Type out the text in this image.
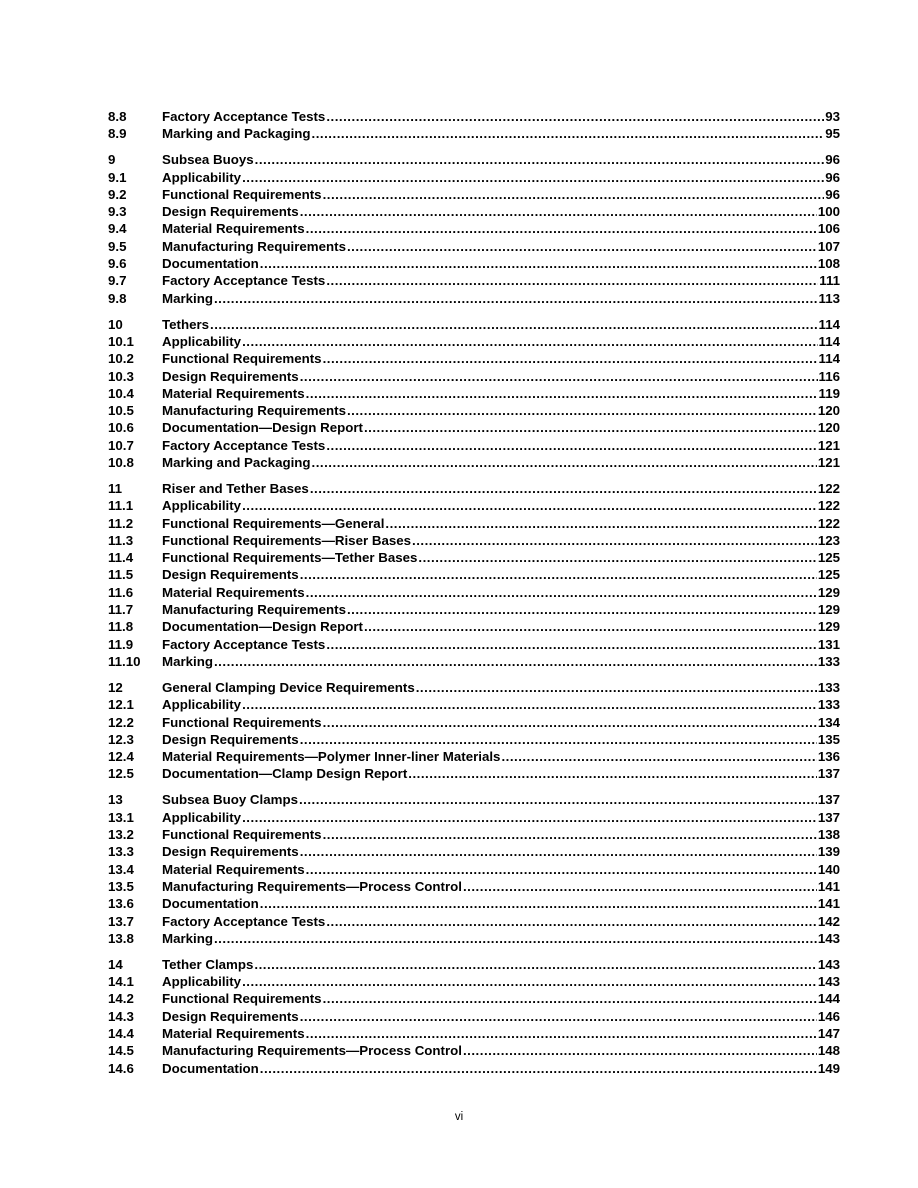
8.8	Factory Acceptance Tests .....	93
8.9	Marking and Packaging .....	95
9	Subsea Buoys .....	96
9.1	Applicability .....	96
9.2	Functional Requirements .....	96
9.3	Design Requirements .....	100
9.4	Material Requirements .....	106
9.5	Manufacturing Requirements .....	107
9.6	Documentation .....	108
9.7	Factory Acceptance Tests .....	111
9.8	Marking .....	113
10	Tethers .....	114
10.1	Applicability .....	114
10.2	Functional Requirements .....	114
10.3	Design Requirements .....	116
10.4	Material Requirements .....	119
10.5	Manufacturing Requirements .....	120
10.6	Documentation—Design Report .....	120
10.7	Factory Acceptance Tests .....	121
10.8	Marking and Packaging .....	121
11	Riser and Tether Bases .....	122
11.1	Applicability .....	122
11.2	Functional Requirements—General .....	122
11.3	Functional Requirements—Riser Bases .....	123
11.4	Functional Requirements—Tether Bases .....	125
11.5	Design Requirements .....	125
11.6	Material Requirements .....	129
11.7	Manufacturing Requirements .....	129
11.8	Documentation—Design Report .....	129
11.9	Factory Acceptance Tests .....	131
11.10	Marking .....	133
12	General Clamping Device Requirements .....	133
12.1	Applicability .....	133
12.2	Functional Requirements .....	134
12.3	Design Requirements .....	135
12.4	Material Requirements—Polymer Inner-liner Materials .....	136
12.5	Documentation—Clamp Design Report .....	137
13	Subsea Buoy Clamps .....	137
13.1	Applicability .....	137
13.2	Functional Requirements .....	138
13.3	Design Requirements .....	139
13.4	Material Requirements .....	140
13.5	Manufacturing Requirements—Process Control .....	141
13.6	Documentation .....	141
13.7	Factory Acceptance Tests .....	142
13.8	Marking .....	143
14	Tether Clamps .....	143
14.1	Applicability .....	143
14.2	Functional Requirements .....	144
14.3	Design Requirements .....	146
14.4	Material Requirements .....	147
14.5	Manufacturing Requirements—Process Control .....	148
14.6	Documentation .....	149
vi
